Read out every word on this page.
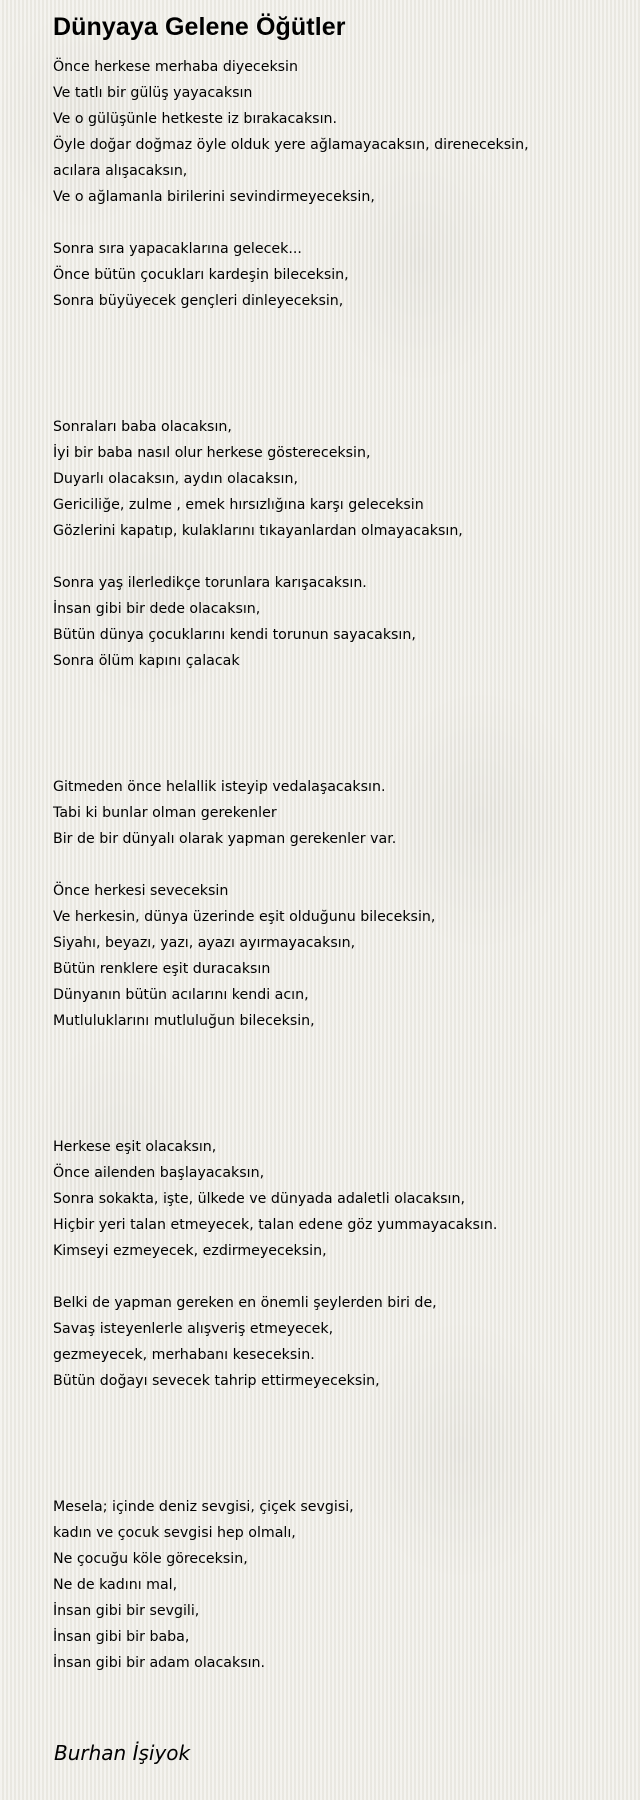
Dünyaya Gelene Öğütler
Önce herkese merhaba diyeceksin
Ve tatlı bir gülüş yayacaksın
Ve o gülüşünle hetkeste iz bırakacaksın.
Öyle doğar doğmaz öyle olduk yere ağlamayacaksın, direneceksin,
acılara alışacaksın,
Ve o ağlamanla birilerini sevindirmeyeceksin,
Sonra sıra yapacaklarına gelecek...
Önce bütün çocukları kardeşin bileceksin,
Sonra büyüyecek gençleri dinleyeceksin,
Sonraları baba olacaksın,
İyi bir baba nasıl olur herkese göstereceksin,
Duyarlı olacaksın, aydın olacaksın,
Gericiliğe, zulme , emek hırsızlığına karşı geleceksin
Gözlerini kapatıp, kulaklarını tıkayanlardan olmayacaksın,
Sonra yaş ilerledikçe torunlara karışacaksın.
İnsan gibi bir dede olacaksın,
Bütün dünya çocuklarını kendi torunun sayacaksın,
Sonra ölüm kapını çalacak
Gitmeden önce helallik isteyip vedalaşacaksın.
Tabi ki bunlar olman gerekenler
Bir de bir dünyalı olarak yapman gerekenler var.
Önce herkesi seveceksin
Ve herkesin, dünya üzerinde eşit olduğunu bileceksin,
Siyahı, beyazı, yazı, ayazı ayırmayacaksın,
Bütün renklere eşit duracaksın
Dünyanın bütün acılarını kendi acın,
Mutluluklarını mutluluğun bileceksin,
Herkese eşit olacaksın,
Önce ailenden başlayacaksın,
Sonra sokakta, işte, ülkede ve dünyada adaletli olacaksın,
Hiçbir yeri talan etmeyecek, talan edene göz yummayacaksın.
Kimseyi ezmeyecek, ezdirmeyeceksin,
Belki de yapman gereken en önemli şeylerden biri de,
Savaş isteyenlerle alışveriş etmeyecek,
gezmeyecek, merhabanı keseceksin.
Bütün doğayı sevecek tahrip ettirmeyeceksin,
Mesela; içinde deniz sevgisi, çiçek sevgisi,
kadın ve çocuk sevgisi hep olmalı,
Ne çocuğu köle göreceksin,
Ne de kadını mal,
İnsan gibi bir sevgili,
İnsan gibi bir baba,
İnsan gibi bir adam olacaksın.
Burhan İşiyok
